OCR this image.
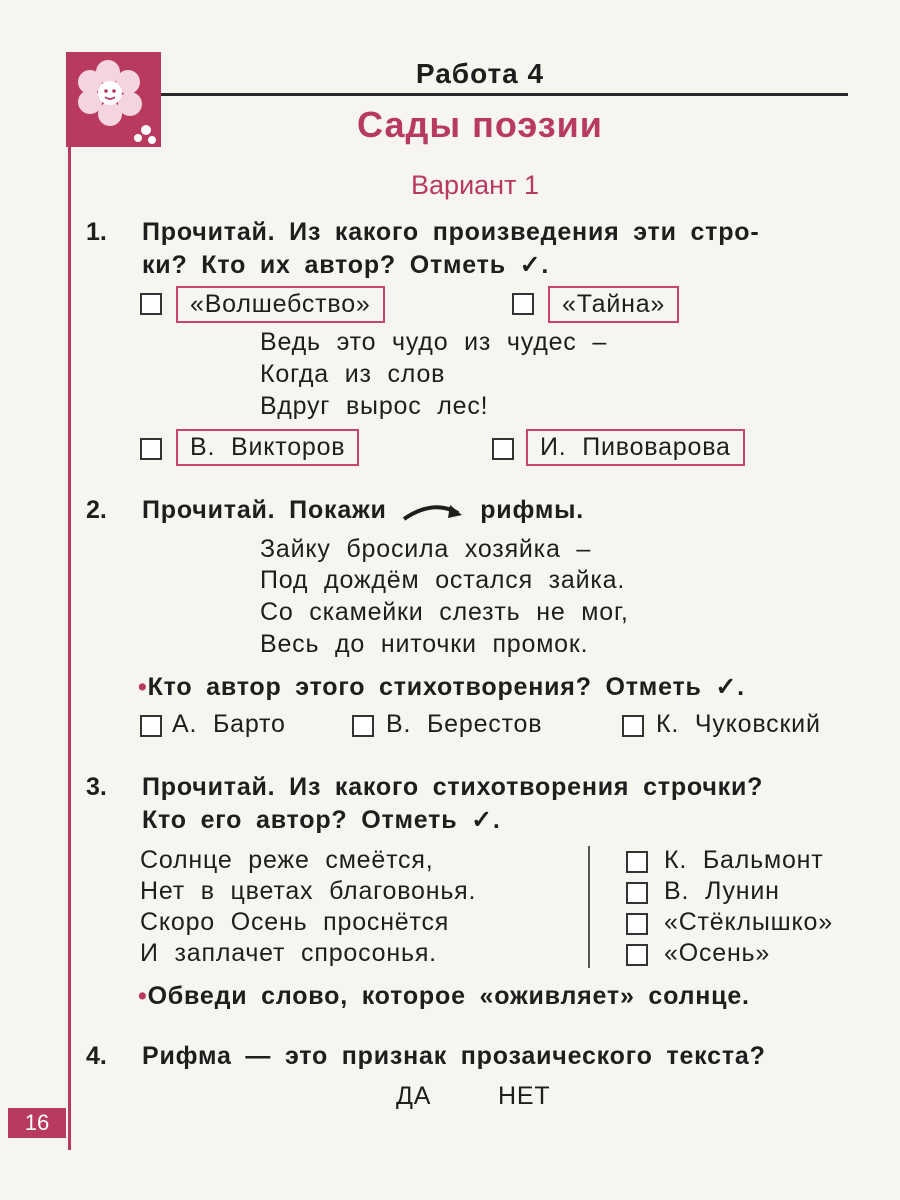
Работа 4
Сады поэзии
Вариант 1
1. Прочитай. Из какого произведения эти стро-
ки? Кто их автор? Отметь ✓.
«Волшебство»	«Тайна»
Ведь это чудо из чудес –
Когда из слов
Вдруг вырос лес!
В. Викторов	И. Пивоварова
2. Прочитай. Покажи	рифмы.
Зайку бросила хозяйка –
Под дождём остался зайка.
Со скамейки слезть не мог,
Весь до ниточки промок.
•Кто автор этого стихотворения? Отметь ✓.
А. Барто	В. Берестов	К. Чуковский
3. Прочитай. Из какого стихотворения строчки?
Кто его автор? Отметь ✓.
Солнце реже смеётся,
Нет в цветах благовонья.
Скоро Осень проснётся
И заплачет спросонья.
К. Бальмонт
В. Лунин
«Стёклышко»
«Осень»
•Обведи слово, которое «оживляет» солнце.
4. Рифма — это признак прозаического текста?
ДА	НЕТ
16
